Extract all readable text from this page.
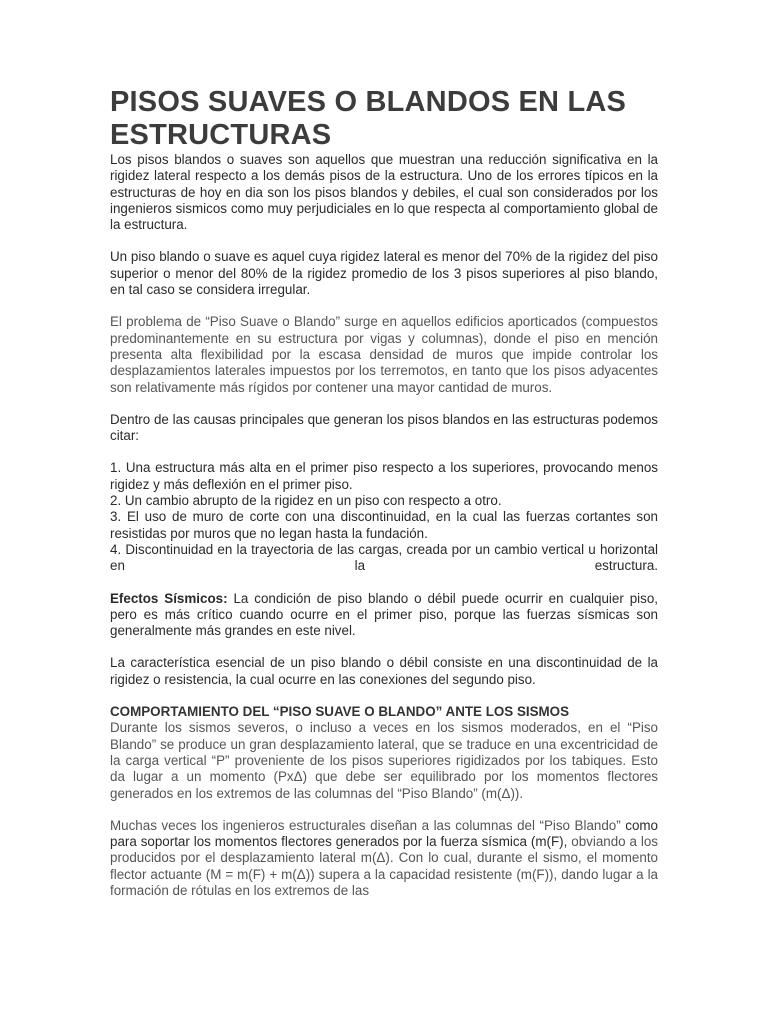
PISOS SUAVES O BLANDOS EN LAS ESTRUCTURAS

Los pisos blandos o suaves son aquellos que muestran una reducción significativa en la rigidez lateral respecto a los demás pisos de la estructura. Uno de los errores típicos en la estructuras de hoy en dia son los pisos blandos y debiles, el cual son considerados por los ingenieros sismicos como muy perjudiciales en lo que respecta al comportamiento global de la estructura.

Un piso blando o suave es aquel cuya rigidez lateral es menor del 70% de la rigidez del piso superior o menor del 80% de la rigidez promedio de los 3 pisos superiores al piso blando, en tal caso se considera irregular.

El problema de “Piso Suave o Blando” surge en aquellos edificios aporticados (compuestos predominantemente en su estructura por vigas y columnas), donde el piso en mención presenta alta flexibilidad por la escasa densidad de muros que impide controlar los desplazamientos laterales impuestos por los terremotos, en tanto que los pisos adyacentes son relativamente más rígidos por contener una mayor cantidad de muros.

Dentro de las causas principales que generan los pisos blandos en las estructuras podemos citar:

1. Una estructura más alta en el primer piso respecto a los superiores, provocando menos rigidez y más deflexión en el primer piso.
2. Un cambio abrupto de la rigidez en un piso con respecto a otro.
3. El uso de muro de corte con una discontinuidad, en la cual las fuerzas cortantes son resistidas por muros que no legan hasta la fundación.
4. Discontinuidad en la trayectoria de las cargas, creada por un cambio vertical u horizontal en la estructura.

Efectos Sísmicos: La condición de piso blando o débil puede ocurrir en cualquier piso, pero es más crítico cuando ocurre en el primer piso, porque las fuerzas sísmicas son generalmente más grandes en este nivel.

La característica esencial de un piso blando o débil consiste en una discontinuidad de la rigidez o resistencia, la cual ocurre en las conexiones del segundo piso.

COMPORTAMIENTO DEL “PISO SUAVE O BLANDO” ANTE LOS SISMOS

Durante los sismos severos, o incluso a veces en los sismos moderados, en el “Piso Blando” se produce un gran desplazamiento lateral, que se traduce en una excentricidad de la carga vertical “P” proveniente de los pisos superiores rigidizados por los tabiques. Esto da lugar a un momento (PxΔ) que debe ser equilibrado por los momentos flectores generados en los extremos de las columnas del “Piso Blando” (m(Δ)).

Muchas veces los ingenieros estructurales diseñan a las columnas del “Piso Blando” como para soportar los momentos flectores generados por la fuerza sísmica (m(F), obviando a los producidos por el desplazamiento lateral m(Δ). Con lo cual, durante el sismo, el momento flector actuante (M = m(F) + m(Δ)) supera a la capacidad resistente (m(F)), dando lugar a la formación de rótulas en los extremos de las
